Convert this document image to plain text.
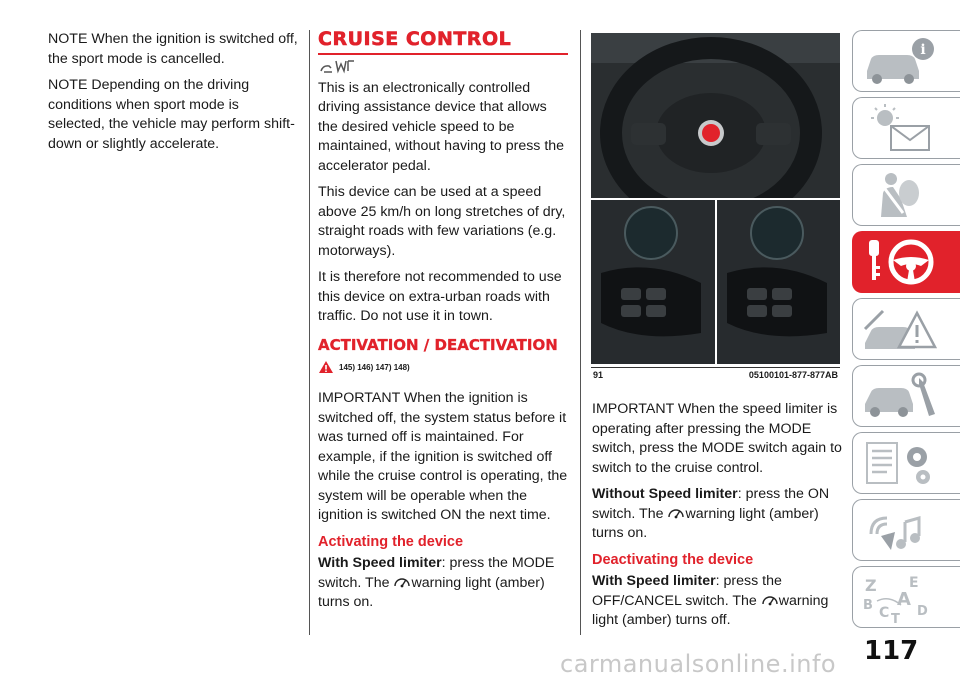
NOTE When the ignition is switched off, the sport mode is cancelled.

NOTE Depending on the driving conditions when sport mode is selected, the vehicle may perform shift-down or slightly accelerate.

CRUISE CONTROL

This is an electronically controlled driving assistance device that allows the desired vehicle speed to be maintained, without having to press the accelerator pedal.

This device can be used at a speed above 25 km/h on long stretches of dry, straight roads with few variations (e.g. motorways).

It is therefore not recommended to use this device on extra-urban roads with traffic. Do not use it in town.

ACTIVATION / DEACTIVATION
145) 146) 147) 148)

IMPORTANT When the ignition is switched off, the system status before it was turned off is maintained. For example, if the ignition is switched off while the cruise control is operating, the system will be operable when the ignition is switched ON the next time.

Activating the device

With Speed limiter: press the MODE switch. The warning light (amber) turns on.

91	05100101-877-877AB

IMPORTANT When the speed limiter is operating after pressing the MODE switch, press the MODE switch again to switch to the cruise control.

Without Speed limiter: press the ON switch. The warning light (amber) turns on.

Deactivating the device

With Speed limiter: press the OFF/CANCEL switch. The warning light (amber) turns off.

i
Z E
A
B C D
T
117
carmanualsonline.info
